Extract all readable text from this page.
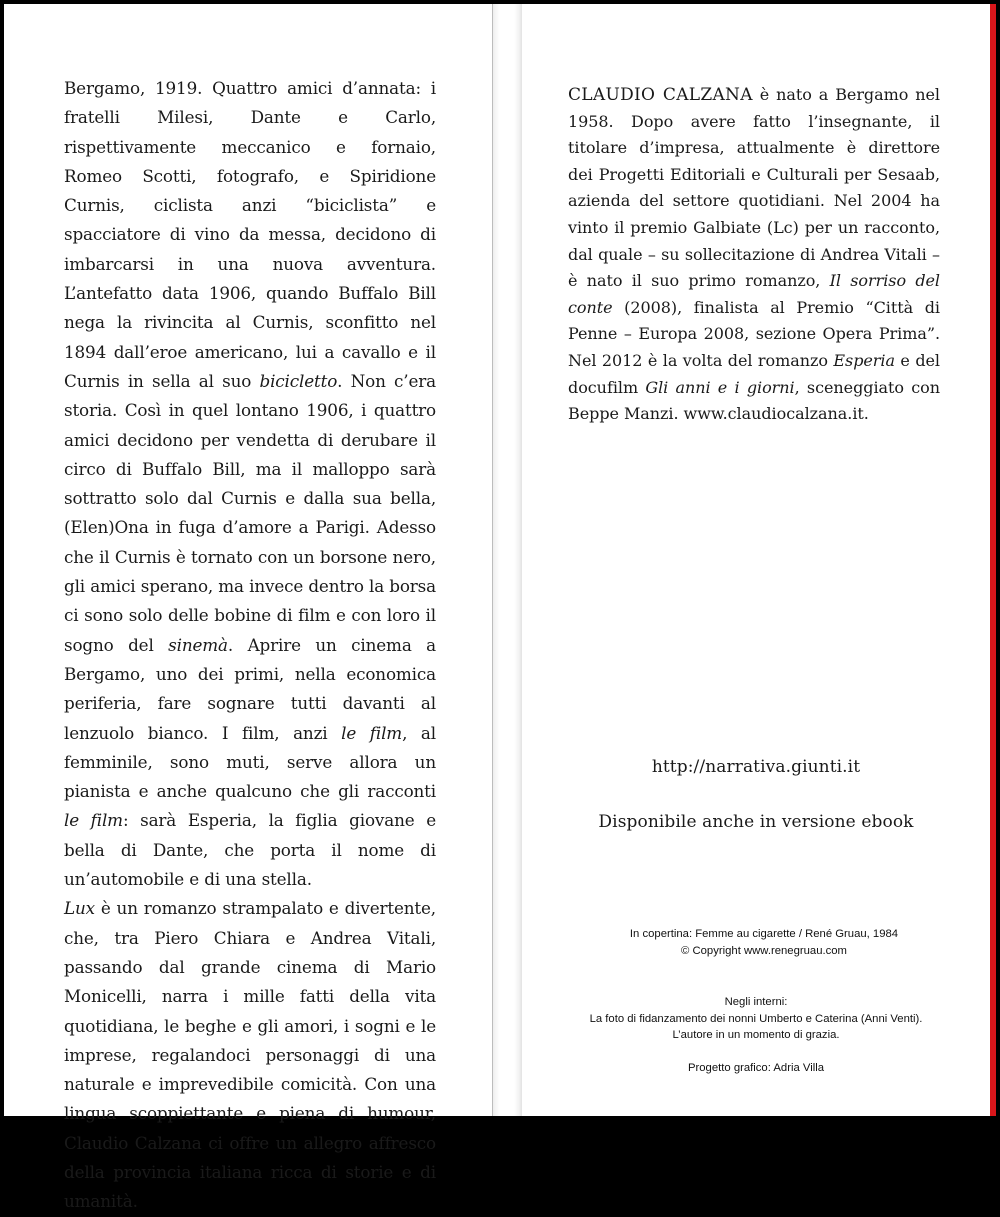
Bergamo, 1919. Quattro amici d’annata: i fratelli Milesi, Dante e Carlo, rispettivamente meccanico e fornaio, Romeo Scotti, fotografo, e Spiridione Curnis, ciclista anzi “biciclista” e spacciatore di vino da messa, decidono di imbarcarsi in una nuova avventura. L’antefatto data 1906, quando Buffalo Bill nega la rivincita al Curnis, sconfitto nel 1894 dall’eroe americano, lui a cavallo e il Curnis in sella al suo bicicletto. Non c’era storia. Così in quel lontano 1906, i quattro amici decidono per vendetta di derubare il circo di Buffalo Bill, ma il malloppo sarà sottratto solo dal Curnis e dalla sua bella, (Elen)Ona in fuga d’amore a Parigi. Adesso che il Curnis è tornato con un borsone nero, gli amici sperano, ma invece dentro la borsa ci sono solo delle bobine di film e con loro il sogno del sinemà. Aprire un cinema a Bergamo, uno dei primi, nella economica periferia, fare sognare tutti davanti al lenzuolo bianco. I film, anzi le film, al femminile, sono muti, serve allora un pianista e anche qualcuno che gli racconti le film: sarà Esperia, la figlia giovane e bella di Dante, che porta il nome di un’automobile e di una stella.

Lux è un romanzo strampalato e divertente, che, tra Piero Chiara e Andrea Vitali, passando dal grande cinema di Mario Monicelli, narra i mille fatti della vita quotidiana, le beghe e gli amori, i sogni e le imprese, regalandoci personaggi di una naturale e imprevedibile comicità. Con una lingua scoppiettante e piena di humour, Claudio Calzana ci offre un allegro affresco della provincia italiana ricca di storie e di umanità.

CLAUDIO CALZANA è nato a Bergamo nel 1958. Dopo avere fatto l’insegnante, il titolare d’impresa, attualmente è direttore dei Progetti Editoriali e Culturali per Sesaab, azienda del settore quotidiani. Nel 2004 ha vinto il premio Galbiate (Lc) per un racconto, dal quale – su sollecitazione di Andrea Vitali – è nato il suo primo romanzo, Il sorriso del conte (2008), finalista al Premio “Città di Penne – Europa 2008, sezione Opera Prima”. Nel 2012 è la volta del romanzo Esperia e del docufilm Gli anni e i giorni, sceneggiato con Beppe Manzi. www.claudiocalzana.it.

http://narrativa.giunti.it

Disponibile anche in versione ebook

In copertina: Femme au cigarette / René Gruau, 1984
© Copyright www.renegruau.com
Negli interni:
La foto di fidanzamento dei nonni Umberto e Caterina (Anni Venti).
L’autore in un momento di grazia.
Progetto grafico: Adria Villa
